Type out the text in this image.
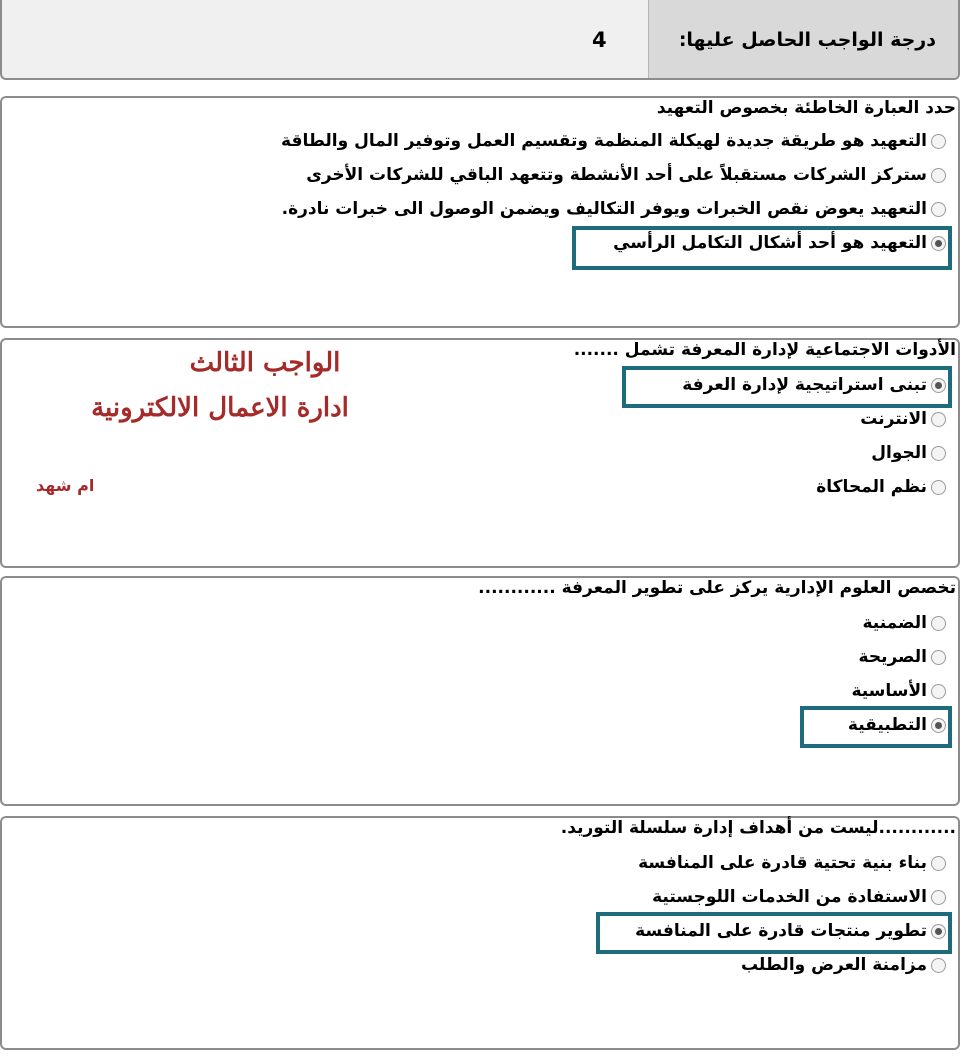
4	درجة الواجب الحاصل عليها:
حدد العبارة الخاطئة بخصوص التعهيد
التعهيد هو طريقة جديدة لهيكلة المنظمة وتقسيم العمل وتوفير المال والطاقة
ستركز الشركات مستقبلاً على أحد الأنشطة وتتعهد الباقي للشركات الأخرى
التعهيد يعوض نقص الخبرات ويوفر التكاليف ويضمن الوصول الى خبرات نادرة.
التعهيد هو أحد أشكال التكامل الرأسي
الأدوات الاجتماعية لإدارة المعرفة تشمل .......
تبنى استراتيجية لإدارة العرفة
الانترنت
الجوال
نظم المحاكاة
الواجب الثالث
ادارة الاعمال الالكترونية
ام شهد
تخصص العلوم الإدارية يركز على تطوير المعرفة ............
الضمنية
الصريحة
الأساسية
التطبيقية
............ليست من أهداف إدارة سلسلة التوريد.
بناء بنية تحتية قادرة على المنافسة
الاستفادة من الخدمات اللوجستية
تطوير منتجات قادرة على المنافسة
مزامنة العرض والطلب
